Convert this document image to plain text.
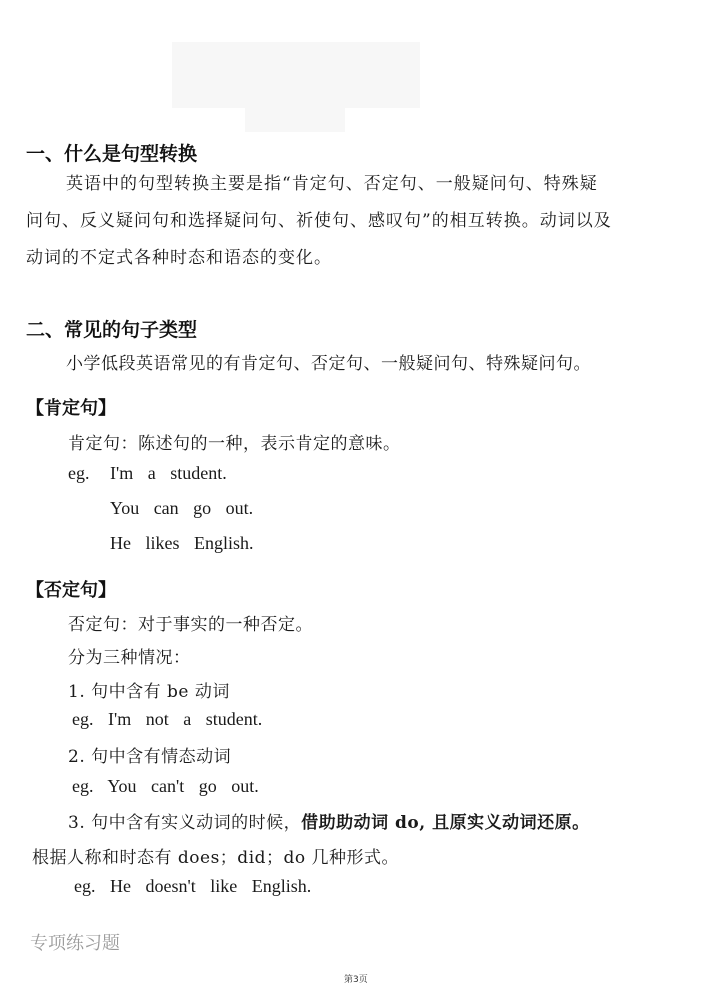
一、什么是句型转换
英语中的句型转换主要是指“肯定句、否定句、一般疑问句、特殊疑问句、反义疑问句和选择疑问句、祈使句、感叹句”的相互转换。动词以及动词的不定式各种时态和语态的变化。
二、常见的句子类型
小学低段英语常见的有肯定句、否定句、一般疑问句、特殊疑问句。
【肯定句】
肯定句：陈述句的一种，表示肯定的意味。
eg. I'm a student.
You can go out.
He likes English.
【否定句】
否定句：对于事实的一种否定。
分为三种情况：
1. 句中含有 be 动词
eg. I'm not a student.
2. 句中含有情态动词
eg. You can't go out.
3. 句中含有实义动词的时候，借助助动词 do, 且原实义动词还原。
根据人称和时态有 does；did；do 几种形式。
eg. He doesn't like English.
专项练习题
第3页
